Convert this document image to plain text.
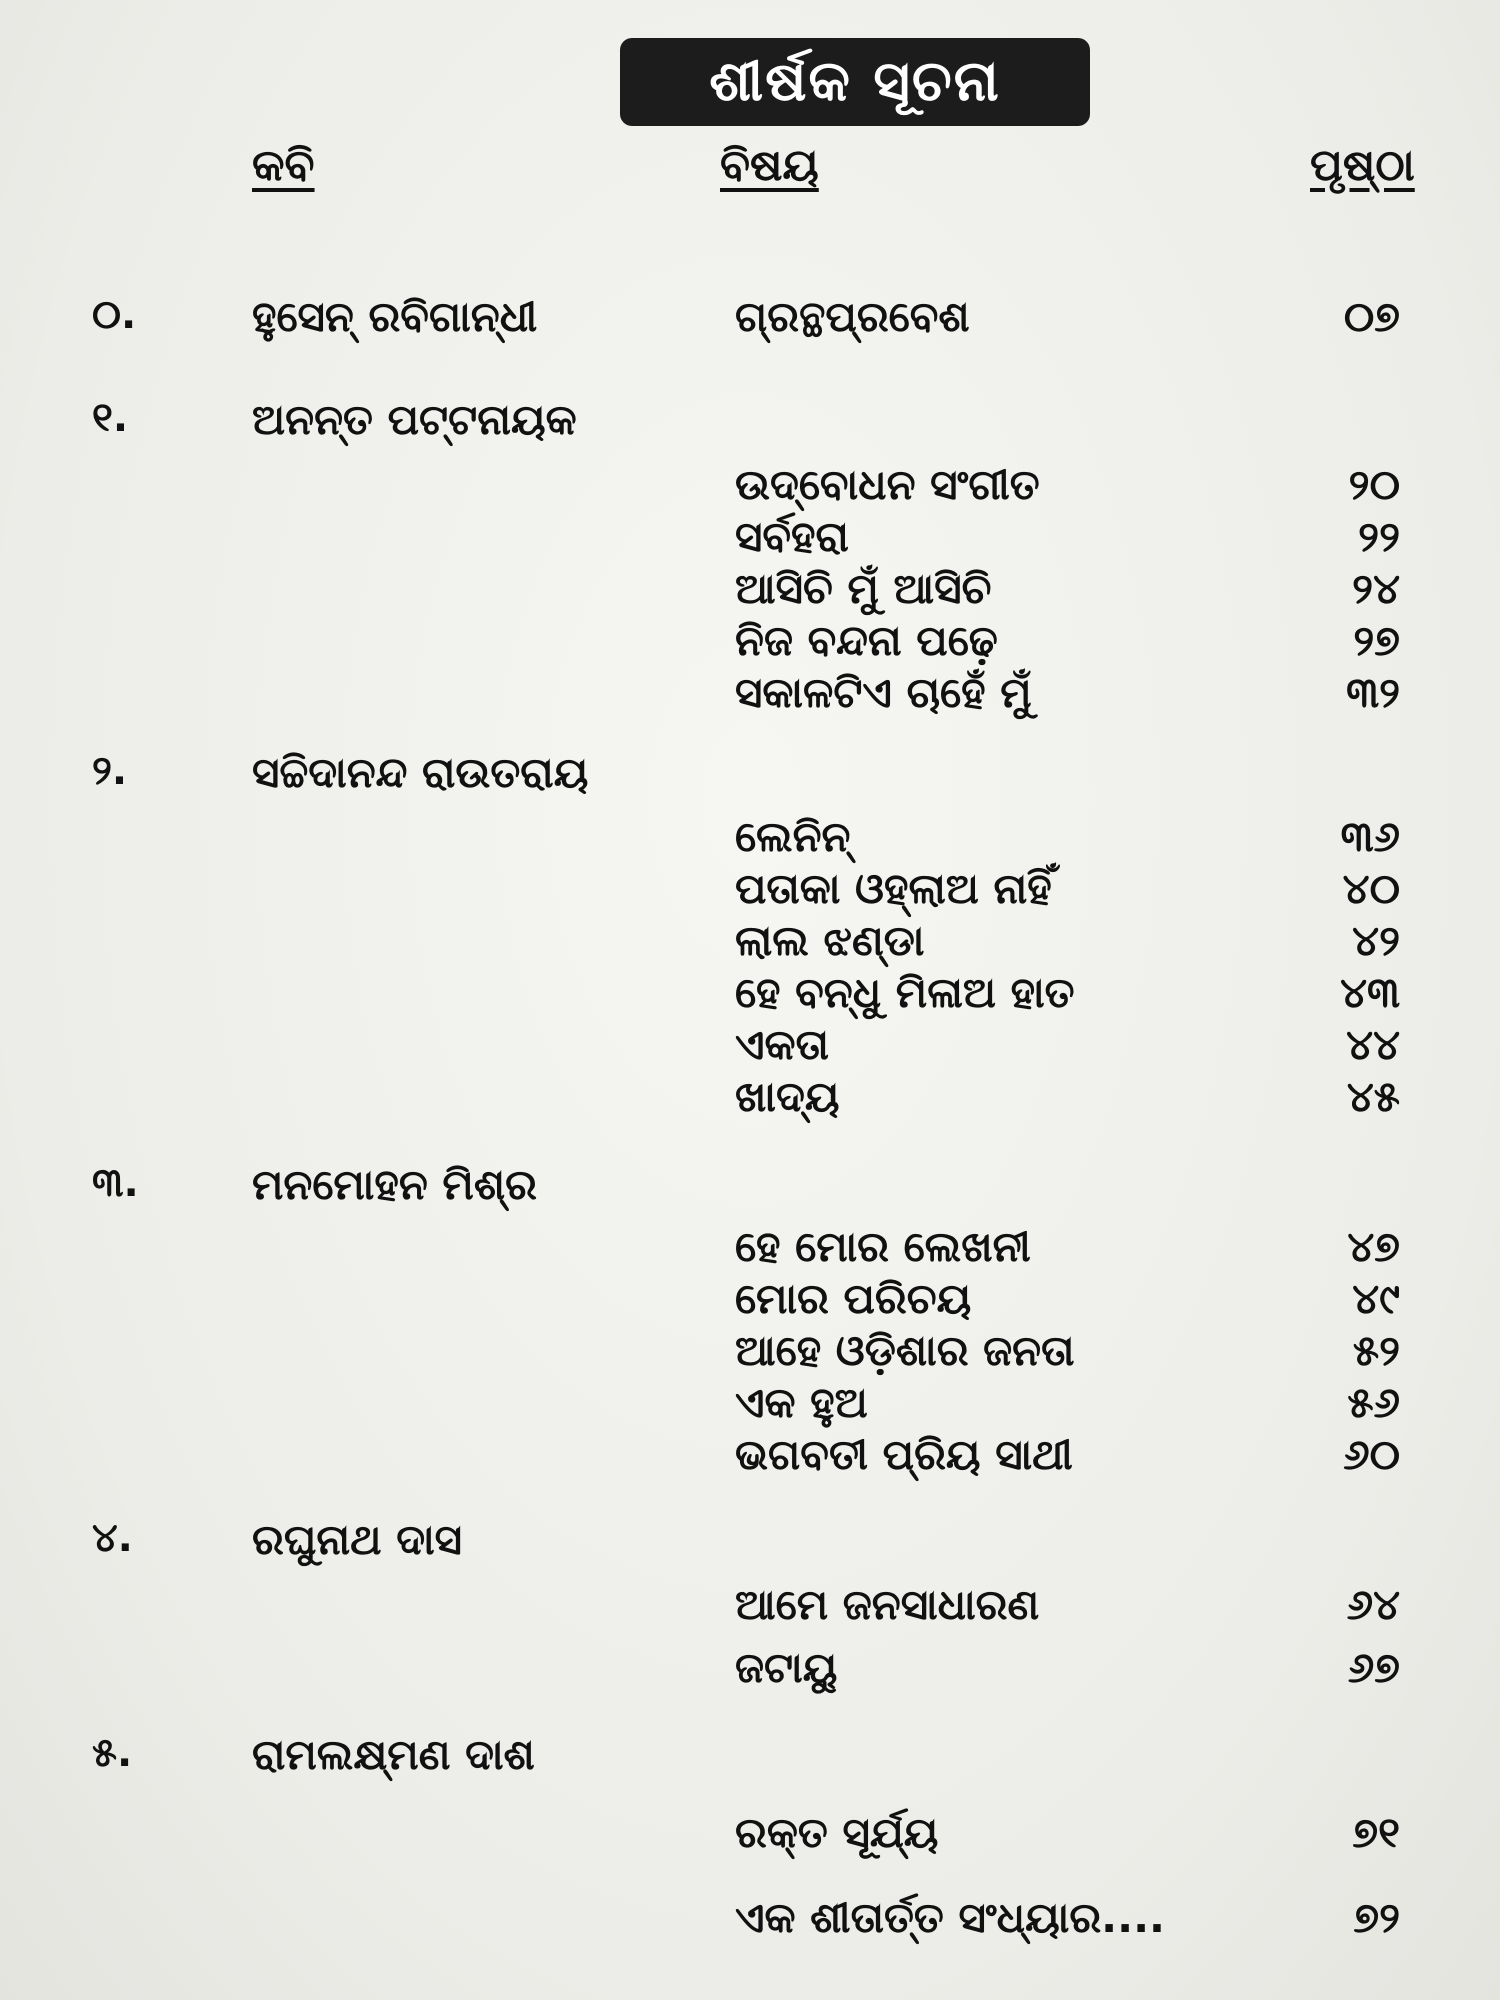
ଶୀର୍ଷକ ସୂଚନା
କବି	ବିଷୟ	ପୃଷ୍ଠା
୦.	ହୁସେନ୍ ରବିଗାନ୍ଧୀ	ଗ୍ରନ୍ଥପ୍ରବେଶ	୦୭
୧.	ଅନନ୍ତ ପଟ୍ଟନାୟକ
ଉଦ୍‌ବୋଧନ ସଂଗୀତ	୨୦
ସର୍ବହରା	୨୨
ଆସିଚି ମୁଁ ଆସିଚି	୨୪
ନିଜ ବନ୍ଦନା ପଢ଼େ	୨୭
ସକାଳଟିଏ ଚାହେଁ ମୁଁ	୩୨
୨.	ସଚ୍ଚିଦାନନ୍ଦ ରାଉତରାୟ
ଲେନିନ୍	୩୬
ପତାକା ଓହ୍ଲାଅ ନାହିଁ	୪୦
ଲାଲ ଝଣ୍ଡା	୪୨
ହେ ବନ୍ଧୁ ମିଳାଅ ହାତ	୪୩
ଏକତା	୪୪
ଖାଦ୍ୟ	୪୫
୩.	ମନମୋହନ ମିଶ୍ର
ହେ ମୋର ଲେଖନୀ	୪୭
ମୋର ପରିଚୟ	୪୯
ଆହେ ଓଡ଼ିଶାର ଜନତା	୫୨
ଏକ ହୁଅ	୫୬
ଭଗବତୀ ପ୍ରିୟ ସାଥୀ	୬୦
୪.	ରଘୁନାଥ ଦାସ
ଆମେ ଜନସାଧାରଣ	୬୪
ଜଟାୟୁ	୬୭
୫.	ରାମଲକ୍ଷ୍ମଣ ଦାଶ
ରକ୍ତ ସୂର୍ଯ୍ୟ	୭୧
ଏକ ଶୀତାର୍ତ୍ତ ସଂଧ୍ୟାର....	୭୨
